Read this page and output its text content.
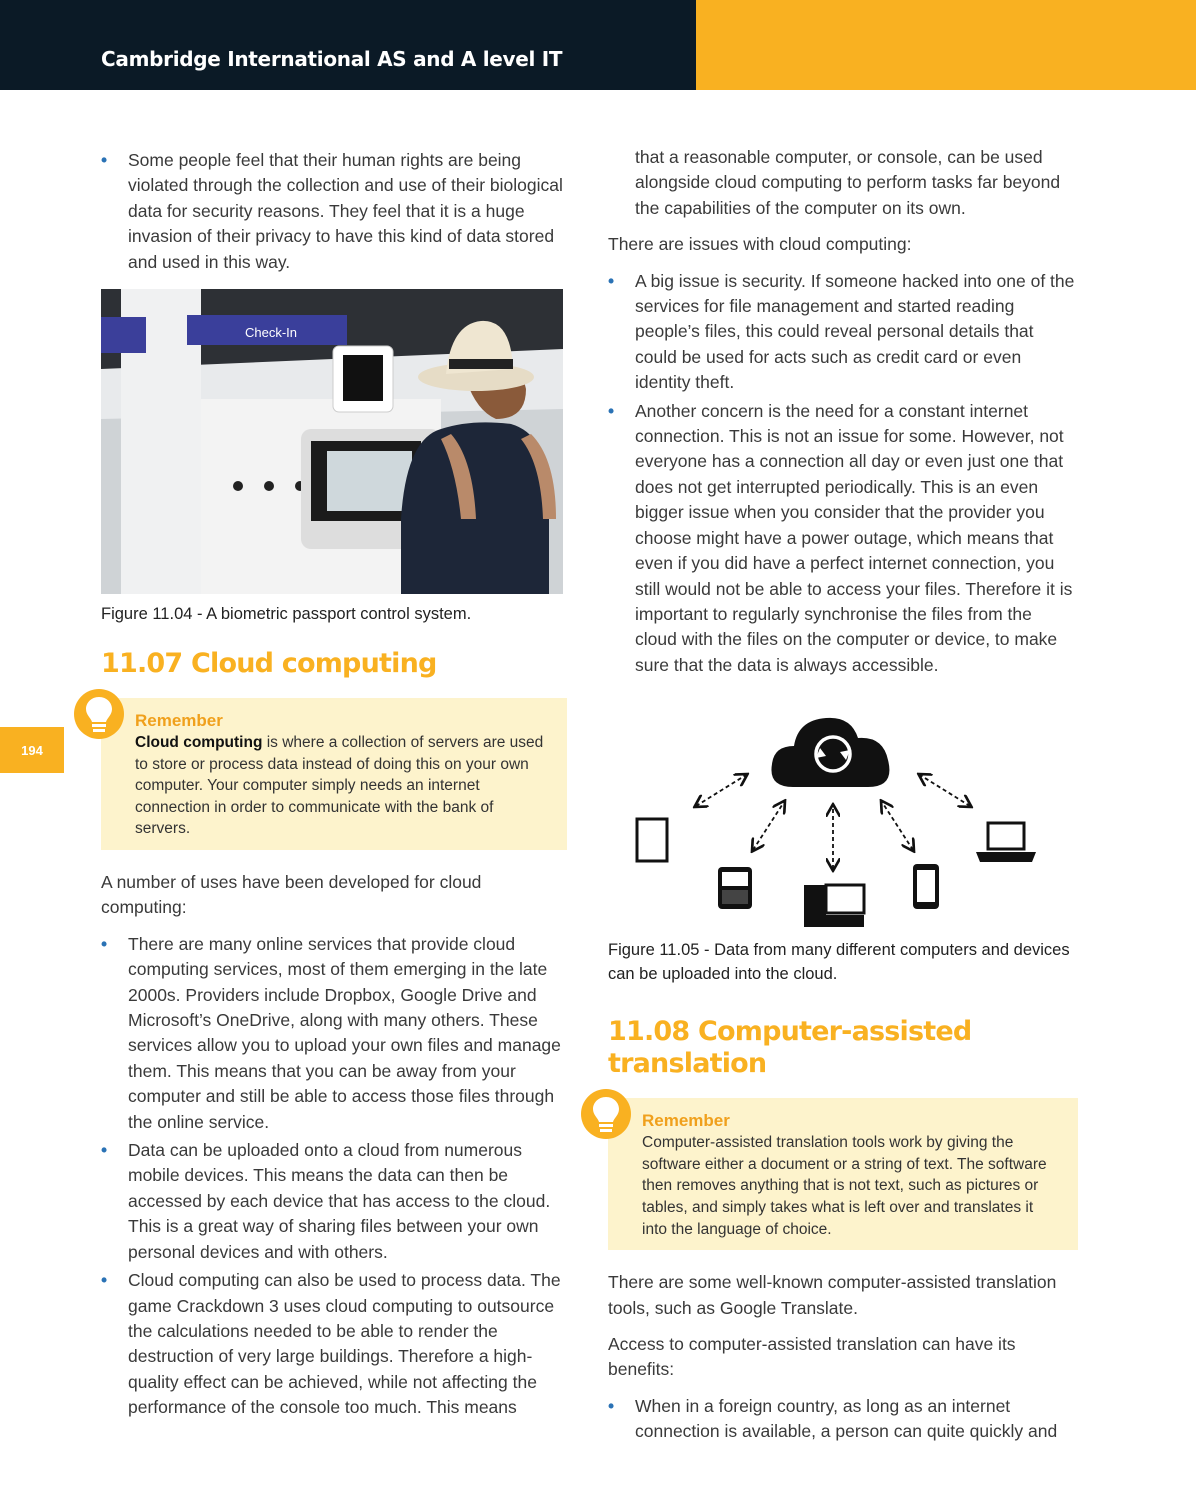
Cambridge International AS and A level IT
194
• Some people feel that their human rights are being violated through the collection and use of their biological data for security reasons. They feel that it is a huge invasion of their privacy to have this kind of data stored and used in this way.
Check-In

Figure 11.04 - A biometric passport control system.

11.07 Cloud computing
Remember
Cloud computing is where a collection of servers are used to store or process data instead of doing this on your own computer. Your computer simply needs an internet connection in order to communicate with the bank of servers.

A number of uses have been developed for cloud computing:

• There are many online services that provide cloud computing services, most of them emerging in the late 2000s. Providers include Dropbox, Google Drive and Microsoft’s OneDrive, along with many others. These services allow you to upload your own files and manage them. This means that you can be away from your computer and still be able to access those files through the online service.
• Data can be uploaded onto a cloud from numerous mobile devices. This means the data can then be accessed by each device that has access to the cloud. This is a great way of sharing files between your own personal devices and with others.
• Cloud computing can also be used to process data. The game Crackdown 3 uses cloud computing to outsource the calculations needed to be able to render the destruction of very large buildings. Therefore a high-quality effect can be achieved, while not affecting the performance of the console too much. This means

that a reasonable computer, or console, can be used alongside cloud computing to perform tasks far beyond the capabilities of the computer on its own.

There are issues with cloud computing:

• A big issue is security. If someone hacked into one of the services for file management and started reading people’s files, this could reveal personal details that could be used for acts such as credit card or even identity theft.
• Another concern is the need for a constant internet connection. This is not an issue for some. However, not everyone has a connection all day or even just one that does not get interrupted periodically. This is an even bigger issue when you consider that the provider you choose might have a power outage, which means that even if you did have a perfect internet connection, you still would not be able to access your files. Therefore it is important to regularly synchronise the files from the cloud with the files on the computer or device, to make sure that the data is always accessible.

Figure 11.05 - Data from many different computers and devices can be uploaded into the cloud.

11.08 Computer-assisted translation
Remember
Computer-assisted translation tools work by giving the software either a document or a string of text. The software then removes anything that is not text, such as pictures or tables, and simply takes what is left over and translates it into the language of choice.

There are some well-known computer-assisted translation tools, such as Google Translate.

Access to computer-assisted translation can have its benefits:

• When in a foreign country, as long as an internet connection is available, a person can quite quickly and
